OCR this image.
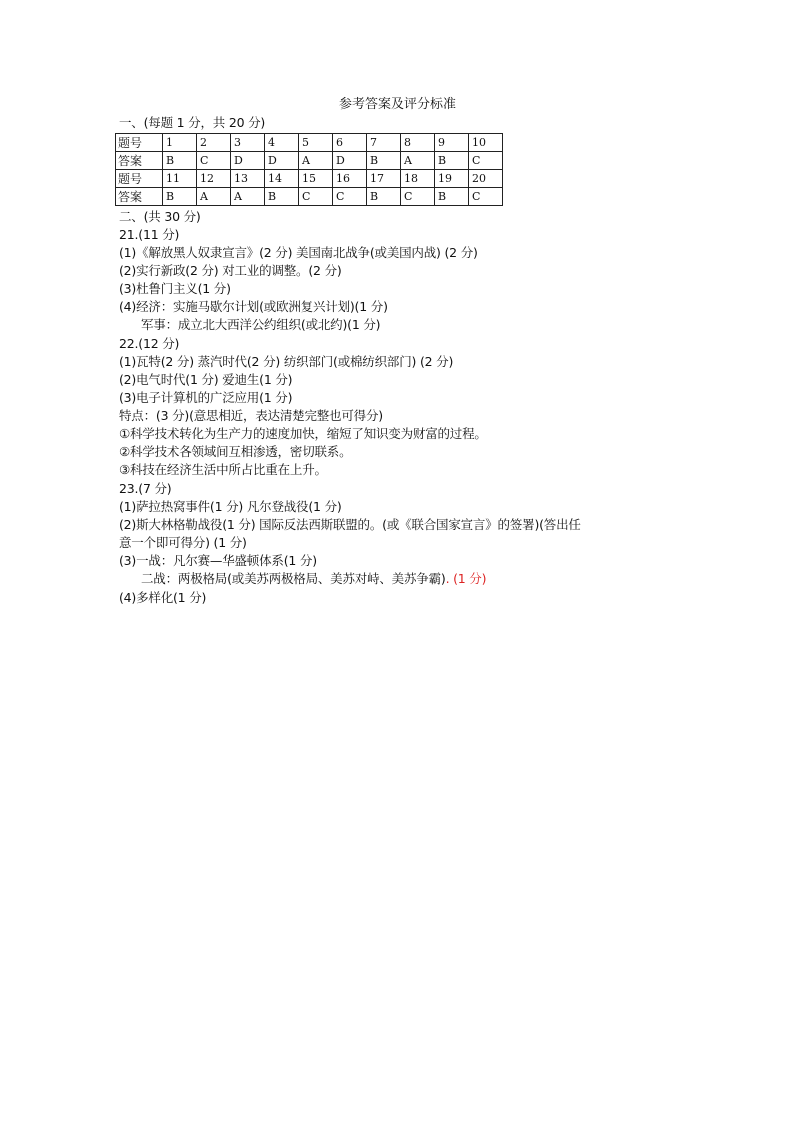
参考答案及评分标准
一、(每题 1 分，共 20 分)
题号	1	2	3	4	5	6	7	8	9	10
答案	B	C	D	D	A	D	B	A	B	C
题号	11	12	13	14	15	16	17	18	19	20
答案	B	A	A	B	C	C	B	C	B	C
二、(共 30 分)
21.(11 分)
(1)《解放黑人奴隶宣言》(2 分) 美国南北战争(或美国内战) (2 分)
(2)实行新政(2 分) 对工业的调整。(2 分)
(3)杜鲁门主义(1 分)
(4)经济：实施马歇尔计划(或欧洲复兴计划)(1 分)
军事：成立北大西洋公约组织(或北约)(1 分)
22.(12 分)
(1)瓦特(2 分) 蒸汽时代(2 分) 纺织部门(或棉纺织部门) (2 分)
(2)电气时代(1 分) 爱迪生(1 分)
(3)电子计算机的广泛应用(1 分)
特点：(3 分)(意思相近，表达清楚完整也可得分)
①科学技术转化为生产力的速度加快，缩短了知识变为财富的过程。
②科学技术各领域间互相渗透，密切联系。
③科技在经济生活中所占比重在上升。
23.(7 分)
(1)萨拉热窝事件(1 分) 凡尔登战役(1 分)
(2)斯大林格勒战役(1 分) 国际反法西斯联盟的。(或《联合国家宣言》的签署)(答出任
意一个即可得分) (1 分)
(3)一战：凡尔赛—华盛顿体系(1 分)
二战：两极格局(或美苏两极格局、美苏对峙、美苏争霸). (1 分)
(4)多样化(1 分)
